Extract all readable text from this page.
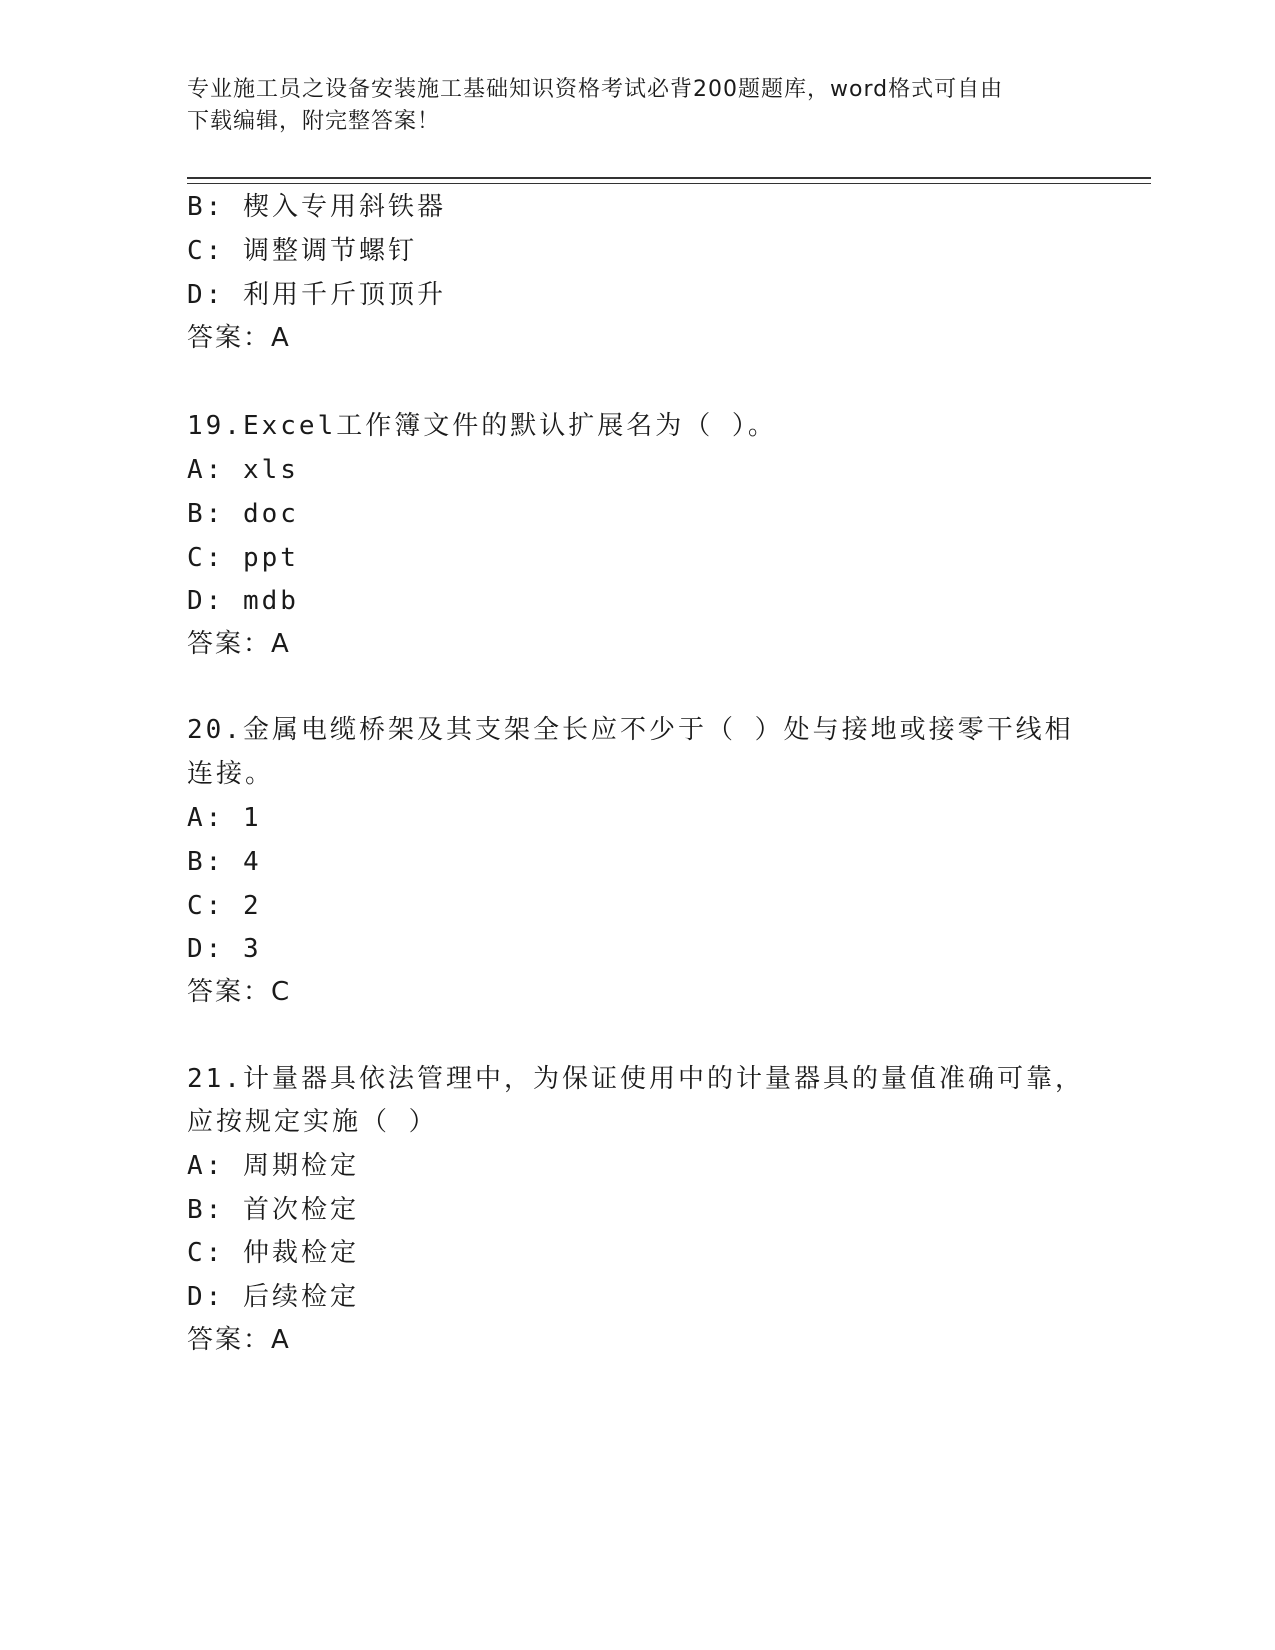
专业施工员之设备安装施工基础知识资格考试必背200题题库，word格式可自由
下载编辑，附完整答案！
B: 楔入专用斜铁器
C: 调整调节螺钉
D: 利用千斤顶顶升
答案：A
19.Excel工作簿文件的默认扩展名为（ ）。
A: xls
B: doc
C: ppt
D: mdb
答案：A
20.金属电缆桥架及其支架全长应不少于（ ）处与接地或接零干线相
连接。
A: 1
B: 4
C: 2
D: 3
答案：C
21.计量器具依法管理中，为保证使用中的计量器具的量值准确可靠，
应按规定实施（ ）
A: 周期检定
B: 首次检定
C: 仲裁检定
D: 后续检定
答案：A
